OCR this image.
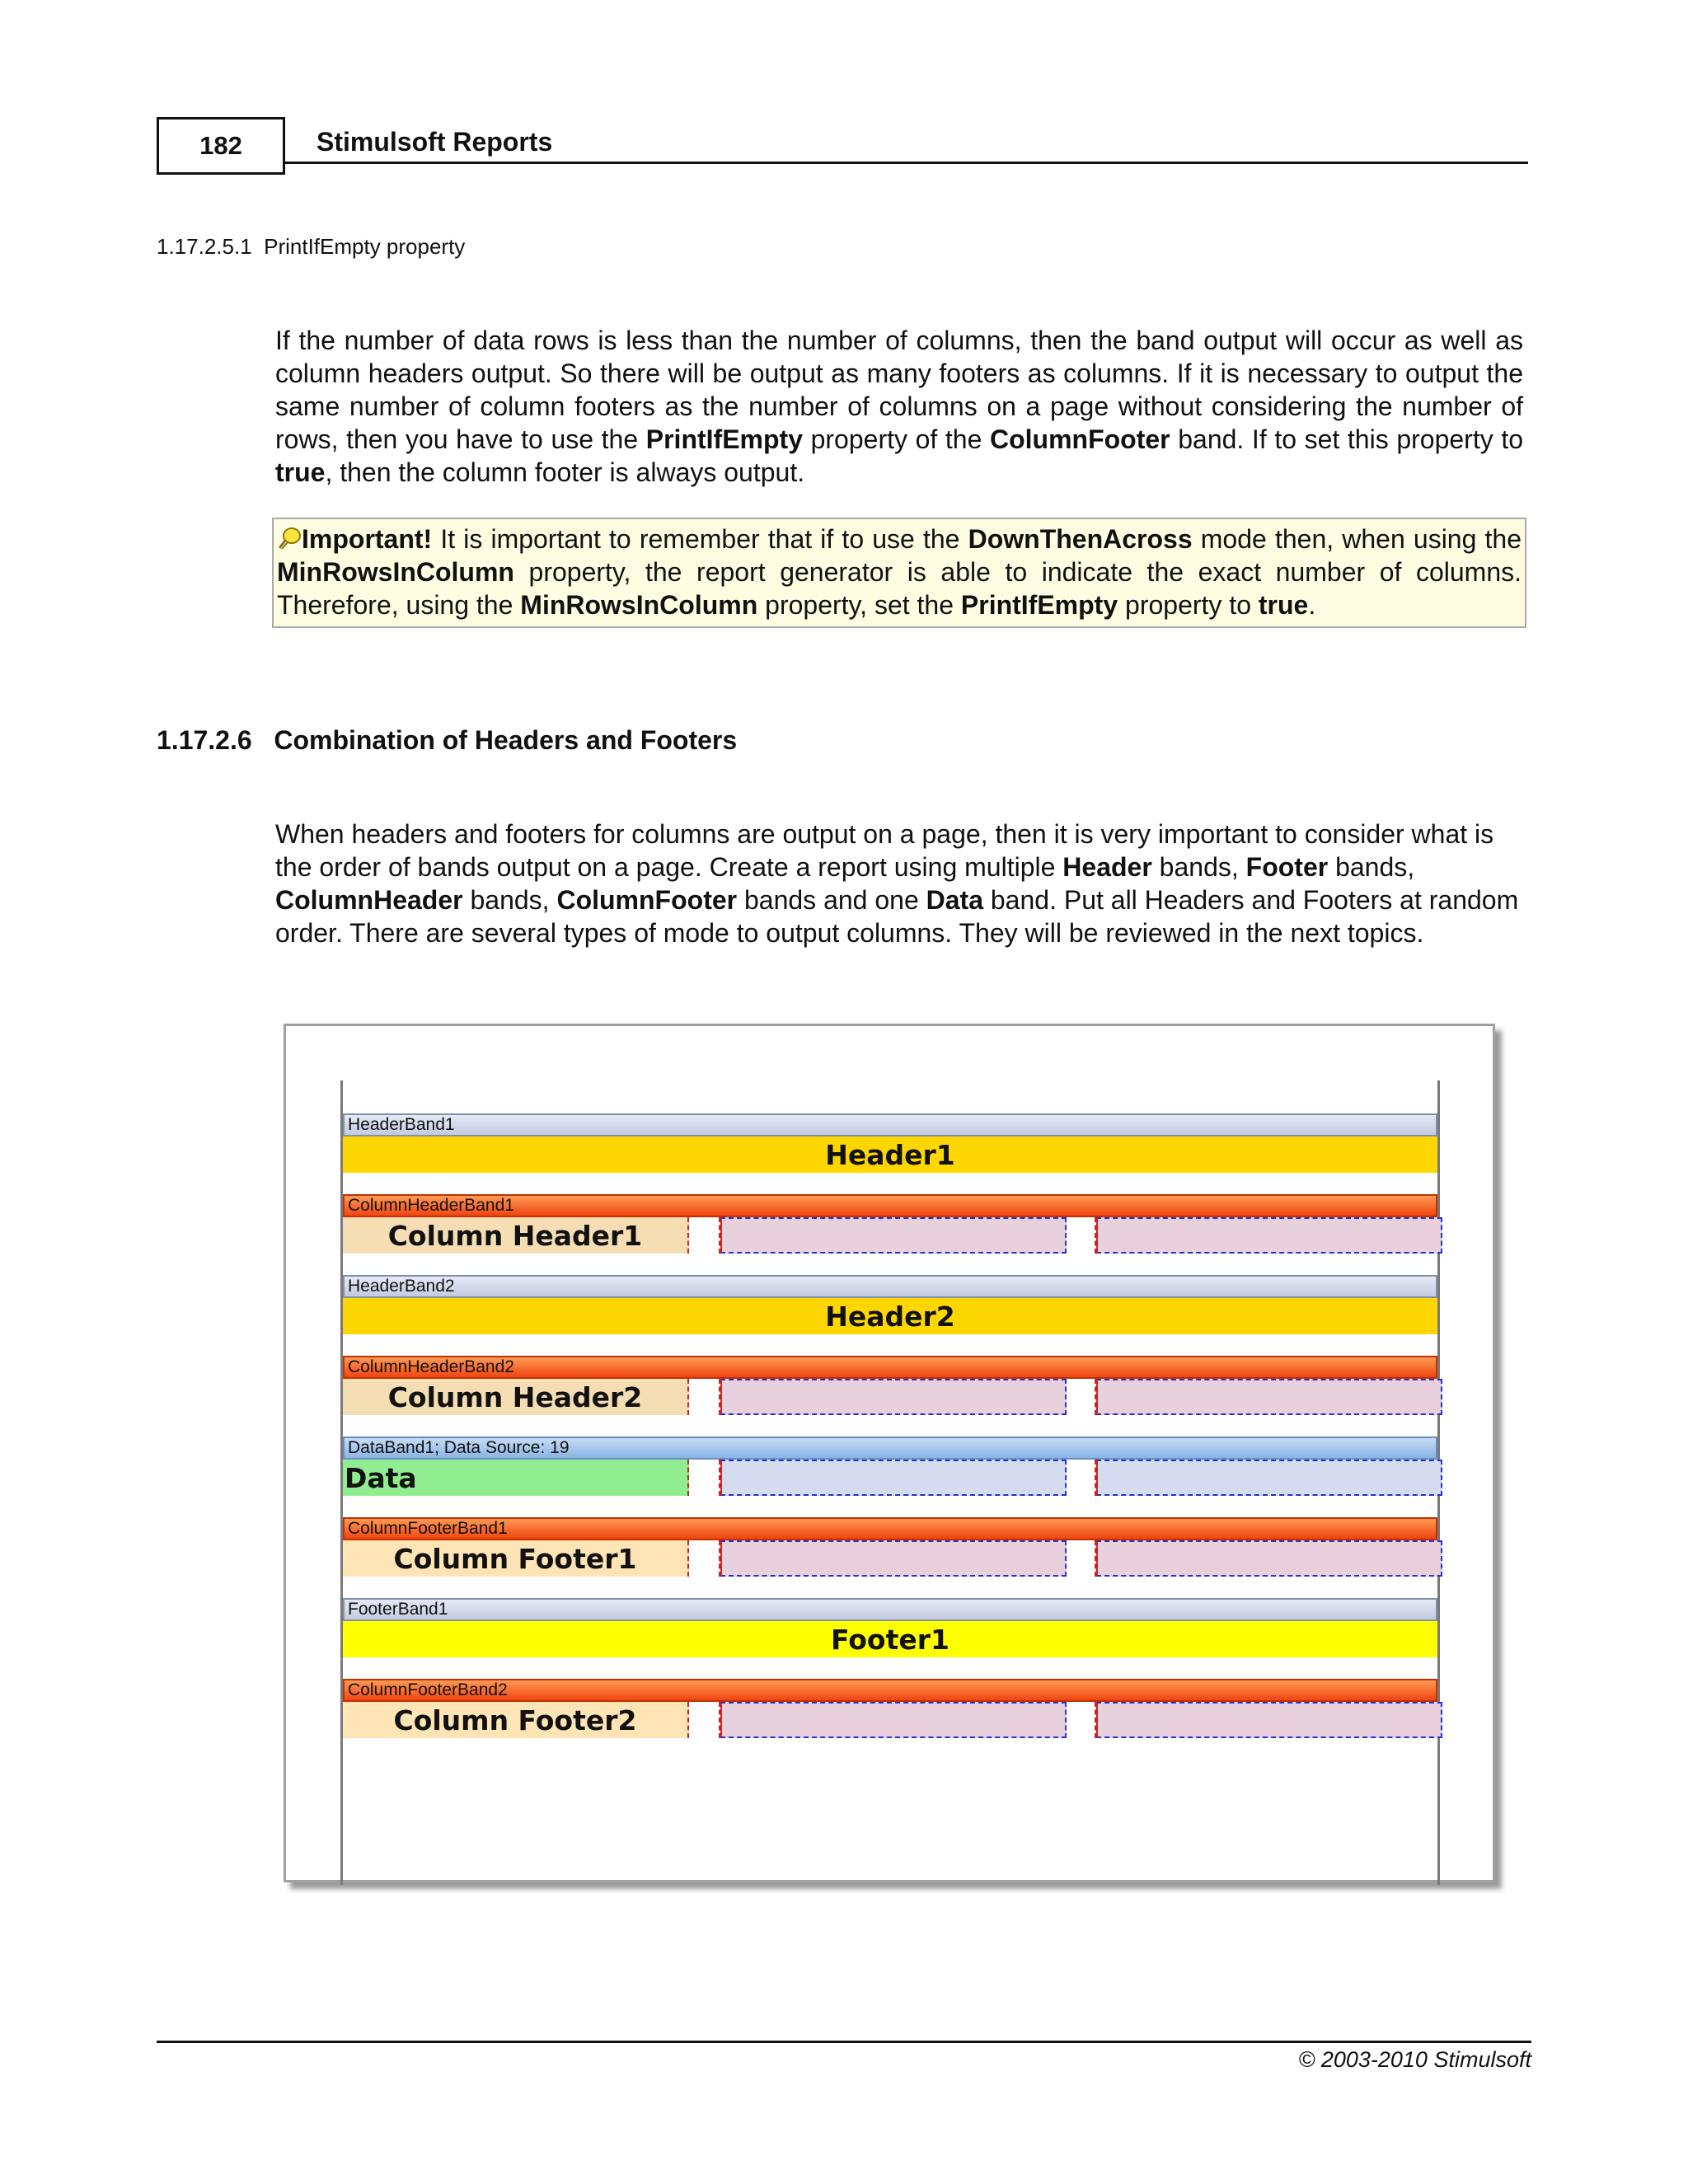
182	Stimulsoft Reports
1.17.2.5.1 PrintIfEmpty property

If the number of data rows is less than the number of columns, then the band output will occur as well as column headers output. So there will be output as many footers as columns. If it is necessary to output the same number of column footers as the number of columns on a page without considering the number of rows, then you have to use the PrintIfEmpty property of the ColumnFooter band. If to set this property to true, then the column footer is always output.

Important! It is important to remember that if to use the DownThenAcross mode then, when using the MinRowsInColumn property, the report generator is able to indicate the exact number of columns. Therefore, using the MinRowsInColumn property, set the PrintIfEmpty property to true.
1.17.2.6 Combination of Headers and Footers

When headers and footers for columns are output on a page, then it is very important to consider what is the order of bands output on a page. Create a report using multiple Header bands, Footer bands, ColumnHeader bands, ColumnFooter bands and one Data band. Put all Headers and Footers at random order. There are several types of mode to output columns. They will be reviewed in the next topics.

HeaderBand1
Header1
ColumnHeaderBand1
Column Header1
HeaderBand2
Header2
ColumnHeaderBand2
Column Header2
DataBand1; Data Source: 19
Data
ColumnFooterBand1
Column Footer1
FooterBand1
Footer1
ColumnFooterBand2
Column Footer2
© 2003-2010 Stimulsoft
